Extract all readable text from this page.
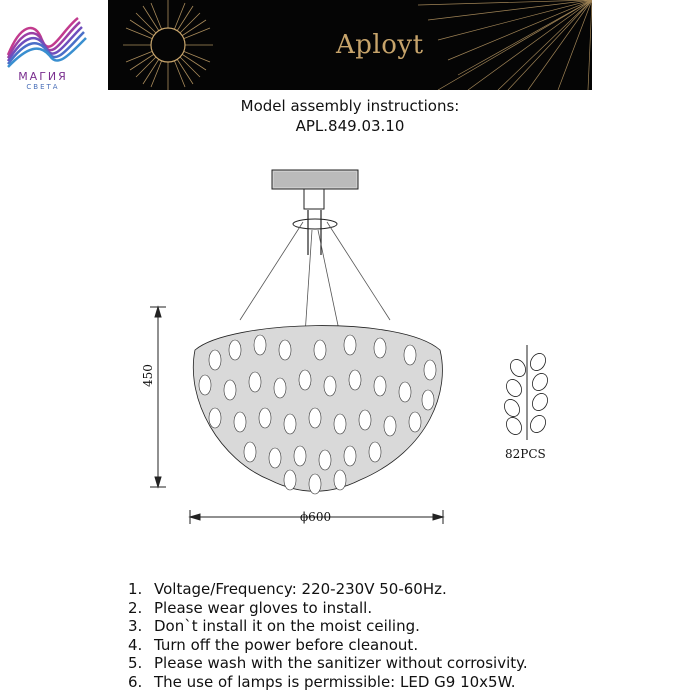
МАГИЯ
СВЕТА
Aployt
Model assembly instructions:
APL.849.03.10
450
ϕ600
82PCS
1. Voltage/Frequency: 220-230V 50-60Hz.
2. Please wear gloves to install.
3. Don`t install it on the moist ceiling.
4. Turn off the power before cleanout.
5. Please wash with the sanitizer without corrosivity.
6. The use of lamps is permissible: LED G9 10x5W.
